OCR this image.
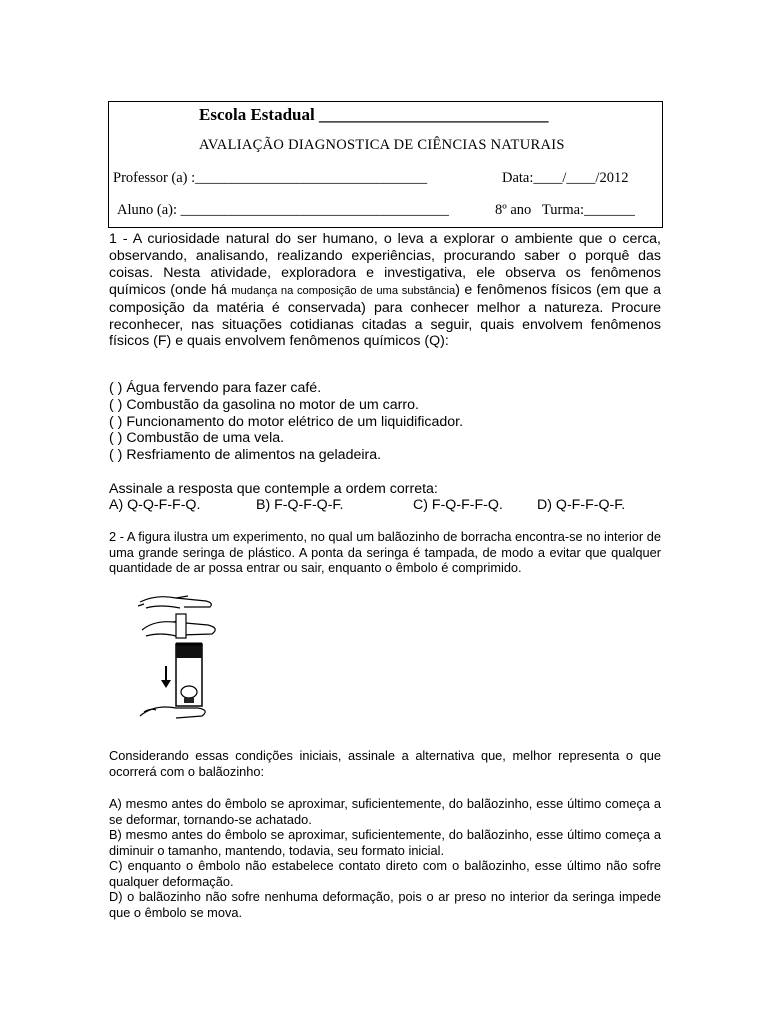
Escola Estadual ___________________________
AVALIAÇÃO DIAGNOSTICA DE CIÊNCIAS NATURAIS
Professor (a) :________________________________	Data:____/____/2012
Aluno (a): _____________________________________	8º ano   Turma:_______

1 - A curiosidade natural do ser humano, o leva a explorar o ambiente que o cerca, observando, analisando, realizando experiências, procurando saber o porquê das coisas. Nesta atividade, exploradora e investigativa, ele observa os fenômenos químicos (onde há mudança na composição de uma substância) e fenômenos físicos (em que a composição da matéria é conservada) para conhecer melhor a natureza. Procure reconhecer, nas situações cotidianas citadas a seguir, quais envolvem fenômenos físicos (F) e quais envolvem fenômenos químicos (Q):

( ) Água fervendo para fazer café.
( ) Combustão da gasolina no motor de um carro.
( ) Funcionamento do motor elétrico de um liquidificador.
( ) Combustão de uma vela.
( ) Resfriamento de alimentos na geladeira.
Assinale a resposta que contemple a ordem correta:

A) Q-Q-F-F-Q.

	B) F-Q-F-Q-F.

	C) F-Q-F-F-Q.

D) Q-F-F-Q-F.

2 - A figura ilustra um experimento, no qual um balãozinho de borracha encontra-se no interior de uma grande seringa de plástico. A ponta da seringa é tampada, de modo a evitar que qualquer quantidade de ar possa entrar ou sair, enquanto o êmbolo é comprimido.

Considerando essas condições iniciais, assinale a alternativa que, melhor representa o que ocorrerá com o balãozinho:

A) mesmo antes do êmbolo se aproximar, suficientemente, do balãozinho, esse último começa a se deformar, tornando-se achatado.
B) mesmo antes do êmbolo se aproximar, suficientemente, do balãozinho, esse último começa a diminuir o tamanho, mantendo, todavia, seu formato inicial.
C) enquanto o êmbolo não estabelece contato direto com o balãozinho, esse último não sofre qualquer deformação.
D) o balãozinho não sofre nenhuma deformação, pois o ar preso no interior da seringa impede que o êmbolo se mova.
